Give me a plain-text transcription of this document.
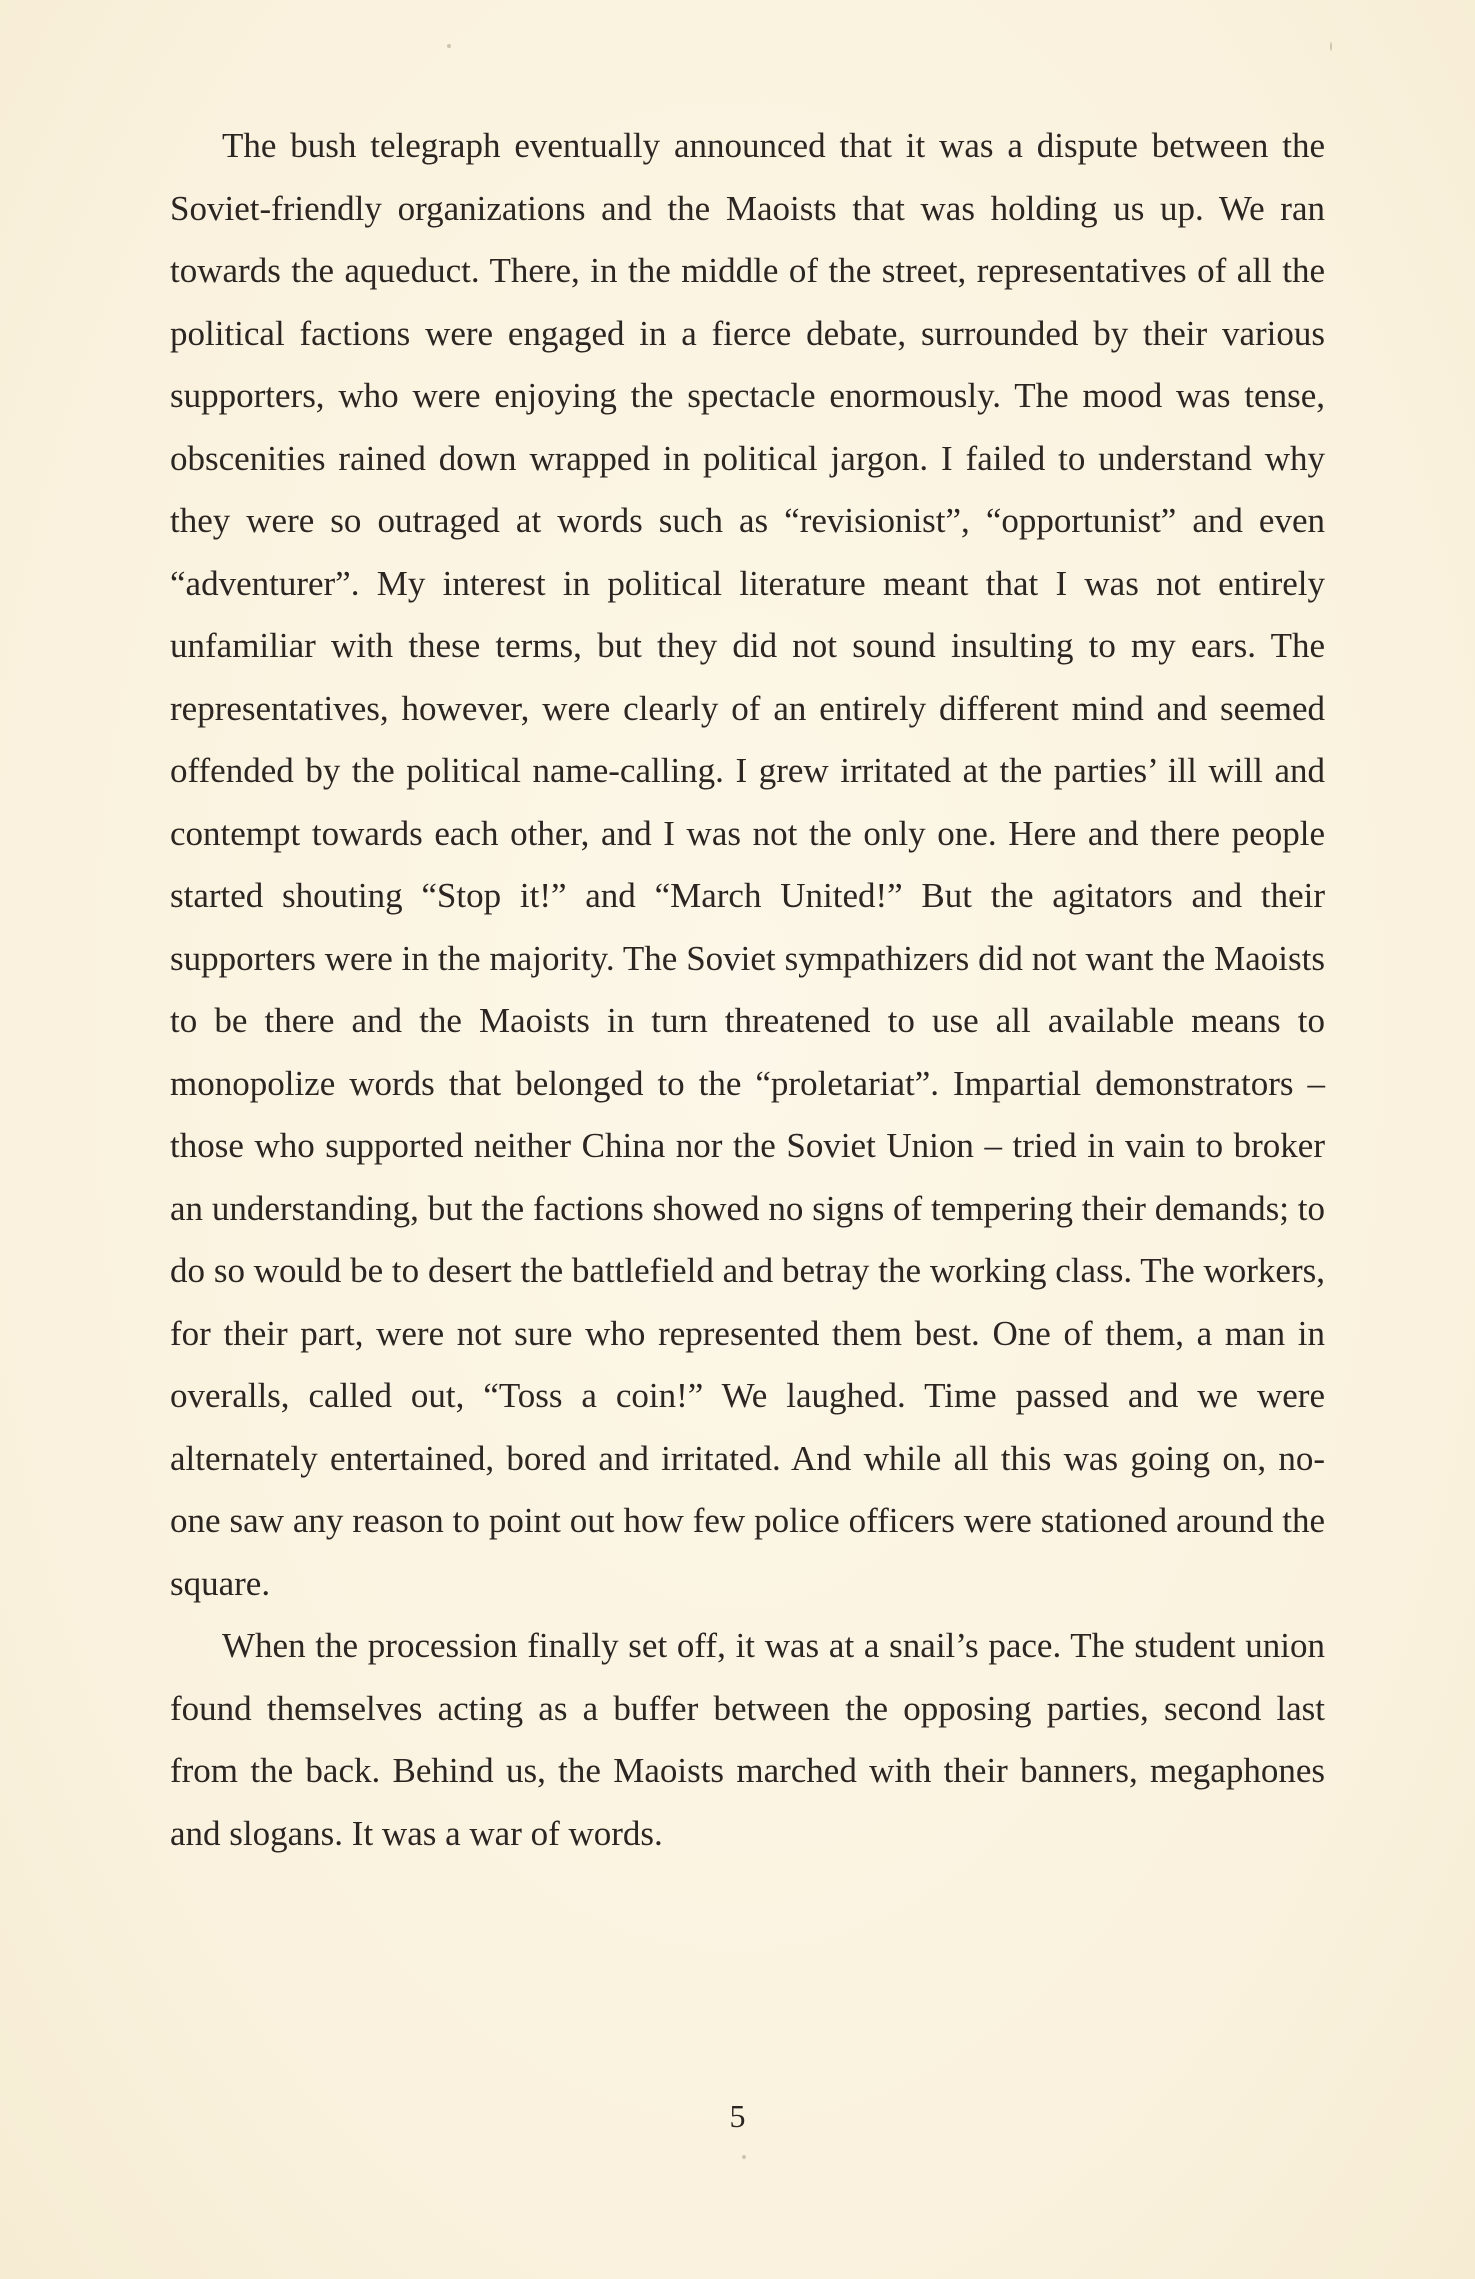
The bush telegraph eventually announced that it was a dispute between the Soviet-friendly organizations and the Maoists that was holding us up. We ran towards the aqueduct. There, in the middle of the street, representatives of all the political factions were engaged in a fierce debate, surrounded by their various supporters, who were enjoying the spectacle enormously. The mood was tense, obscenities rained down wrapped in political jargon. I failed to understand why they were so outraged at words such as “revisionist”, “opportunist” and even “adventurer”. My interest in political literature meant that I was not entirely unfamiliar with these terms, but they did not sound insulting to my ears. The representatives, however, were clearly of an entirely different mind and seemed offended by the political name-calling. I grew irritated at the parties’ ill will and contempt towards each other, and I was not the only one. Here and there people started shouting “Stop it!” and “March United!” But the agitators and their supporters were in the majority. The Soviet sympathizers did not want the Maoists to be there and the Maoists in turn threatened to use all available means to monopolize words that belonged to the “proletariat”. Impartial demonstrators – those who supported neither China nor the Soviet Union – tried in vain to broker an understanding, but the factions showed no signs of tempering their demands; to do so would be to desert the battlefield and betray the working class. The workers, for their part, were not sure who represented them best. One of them, a man in overalls, called out, “Toss a coin!” We laughed. Time passed and we were alternately entertained, bored and irritated. And while all this was going on, no-one saw any reason to point out how few police officers were stationed around the square.

When the procession finally set off, it was at a snail’s pace. The student union found themselves acting as a buffer between the opposing parties, second last from the back. Behind us, the Maoists marched with their banners, megaphones and slogans. It was a war of words.

5
